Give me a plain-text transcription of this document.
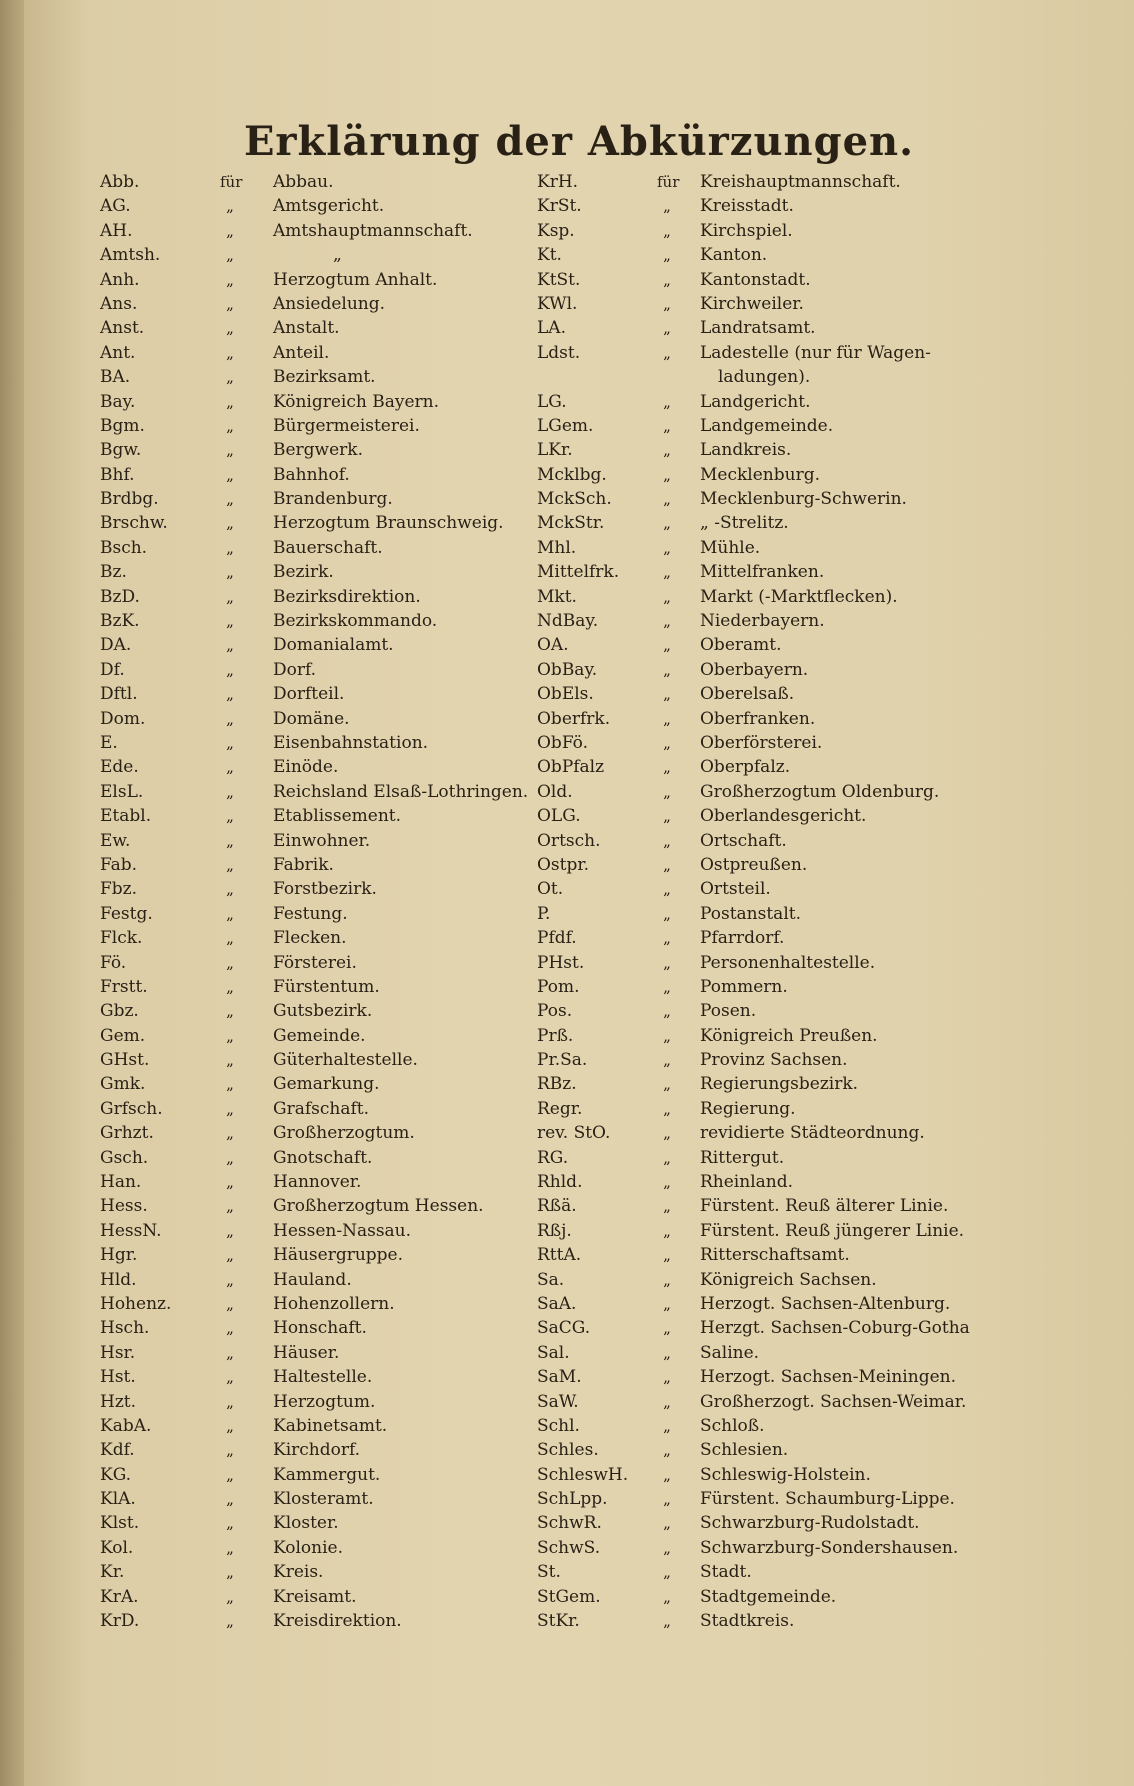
Erklärung der Abkürzungen.
Abb.	für Abbau.
AG.	„	Amtsgericht.
AH.	„	Amtshauptmannschaft.
Amtsh.	„	„
Anh.	„	Herzogtum Anhalt.
Ans.	„	Ansiedelung.
Anst.	„	Anstalt.
Ant.	„	Anteil.
BA.	„	Bezirksamt.
Bay.	„	Königreich Bayern.
Bgm.	„	Bürgermeisterei.
Bgw.	„	Bergwerk.
Bhf.	„	Bahnhof.
Brdbg.	„	Brandenburg.
Brschw.	„	Herzogtum Braunschweig.
Bsch.	„	Bauerschaft.
Bz.	„	Bezirk.
BzD.	„	Bezirksdirektion.
BzK.	„	Bezirkskommando.
DA.	„	Domanialamt.
Df.	„	Dorf.
Dftl.	„	Dorfteil.
Dom.	„	Domäne.
E.	„	Eisenbahnstation.
Ede.	„	Einöde.
ElsL.	„	Reichsland Elsaß-Lothringen.
Etabl.	„	Etablissement.
Ew.	„	Einwohner.
Fab.	„	Fabrik.
Fbz.	„	Forstbezirk.
Festg.	„	Festung.
Flck.	„	Flecken.
Fö.	„	Försterei.
Frstt.	„	Fürstentum.
Gbz.	„	Gutsbezirk.
Gem.	„	Gemeinde.
GHst.	„	Güterhaltestelle.
Gmk.	„	Gemarkung.
Grfsch.	„	Grafschaft.
Grhzt.	„	Großherzogtum.
Gsch.	„	Gnotschaft.
Han.	„	Hannover.
Hess.	„	Großherzogtum Hessen.
HessN.	„	Hessen-Nassau.
Hgr.	„	Häusergruppe.
Hld.	„	Hauland.
Hohenz.	„	Hohenzollern.
Hsch.	„	Honschaft.
Hsr.	„	Häuser.
Hst.	„	Haltestelle.
Hzt.	„	Herzogtum.
KabA.	„	Kabinetsamt.
Kdf.	„	Kirchdorf.
KG.	„	Kammergut.
KlA.	„	Klosteramt.
Klst.	„	Kloster.
Kol.	„	Kolonie.
Kr.	„	Kreis.
KrA.	„	Kreisamt.
KrD.	„	Kreisdirektion.
KrH.	für Kreishauptmannschaft.
KrSt.	„	Kreisstadt.
Ksp.	„	Kirchspiel.
Kt.	„	Kanton.
KtSt.	„	Kantonstadt.
KWl.	„	Kirchweiler.
LA.	„	Landratsamt.
Ldst.	„	Ladestelle (nur für Wagen-
ladungen).
LG.	„	Landgericht.
LGem.	„	Landgemeinde.
LKr.	„	Landkreis.
Mcklbg.	„	Mecklenburg.
MckSch.	„	Mecklenburg-Schwerin.
MckStr.	„	„ -Strelitz.
Mhl.	„	Mühle.
Mittelfrk.	„	Mittelfranken.
Mkt.	„	Markt (-Marktflecken).
NdBay.	„	Niederbayern.
OA.	„	Oberamt.
ObBay.	„	Oberbayern.
ObEls.	„	Oberelsaß.
Oberfrk.	„	Oberfranken.
ObFö.	„	Oberförsterei.
ObPfalz	„	Oberpfalz.
Old.	„	Großherzogtum Oldenburg.
OLG.	„	Oberlandesgericht.
Ortsch.	„	Ortschaft.
Ostpr.	„	Ostpreußen.
Ot.	„	Ortsteil.
P.	„	Postanstalt.
Pfdf.	„	Pfarrdorf.
PHst.	„	Personenhaltestelle.
Pom.	„	Pommern.
Pos.	„	Posen.
Prß.	„	Königreich Preußen.
Pr.Sa.	„	Provinz Sachsen.
RBz.	„	Regierungsbezirk.
Regr.	„	Regierung.
rev. StO.	„	revidierte Städteordnung.
RG.	„	Rittergut.
Rhld.	„	Rheinland.
Rßä.	„	Fürstent. Reuß älterer Linie.
Rßj.	„	Fürstent. Reuß jüngerer Linie.
RttA.	„	Ritterschaftsamt.
Sa.	„	Königreich Sachsen.
SaA.	„	Herzogt. Sachsen-Altenburg.
SaCG.	„	Herzgt. Sachsen-Coburg-Gotha
Sal.	„	Saline.
SaM.	„	Herzogt. Sachsen-Meiningen.
SaW.	„	Großherzogt. Sachsen-Weimar.
Schl.	„	Schloß.
Schles.	„	Schlesien.
SchleswH.	„	Schleswig-Holstein.
SchLpp.	„	Fürstent. Schaumburg-Lippe.
SchwR.	„	Schwarzburg-Rudolstadt.
SchwS.	„	Schwarzburg-Sondershausen.
St.	„	Stadt.
StGem.	„	Stadtgemeinde.
StKr.	„	Stadtkreis.
